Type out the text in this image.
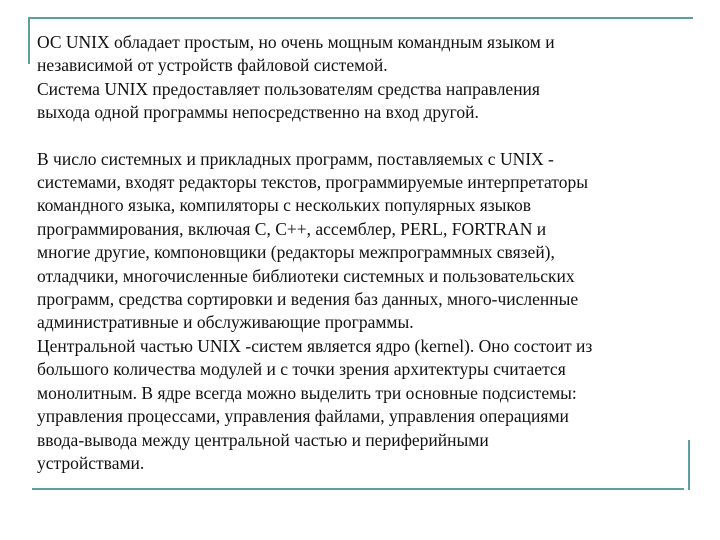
ОС UNIX обладает простым, но очень мощным командным языком и

независимой от устройств файловой системой.

Система UNIX предоставляет пользователям средства направления

выхода одной программы непосредственно на вход другой.

В число системных и прикладных программ, поставляемых с UNIX -

системами, входят редакторы текстов, программируемые интерпретаторы

командного языка, компиляторы с нескольких популярных языков

программирования, включая С, С++, ассемблер, PERL, FORTRAN и

многие другие, компоновщики (редакторы межпрограммных связей),

отладчики, многочисленные библиотеки системных и пользовательских

программ, средства сортировки и ведения баз данных, много-численные

административные и обслуживающие программы.

Центральной частью UNIX -систем является ядро (kernel). Оно состоит из

большого количества модулей и с точки зрения архитектуры считается

монолитным. В ядре всегда можно выделить три основные подсистемы:

управления процессами, управления файлами, управления операциями

ввода-вывода между центральной частью и периферийными

устройствами.
